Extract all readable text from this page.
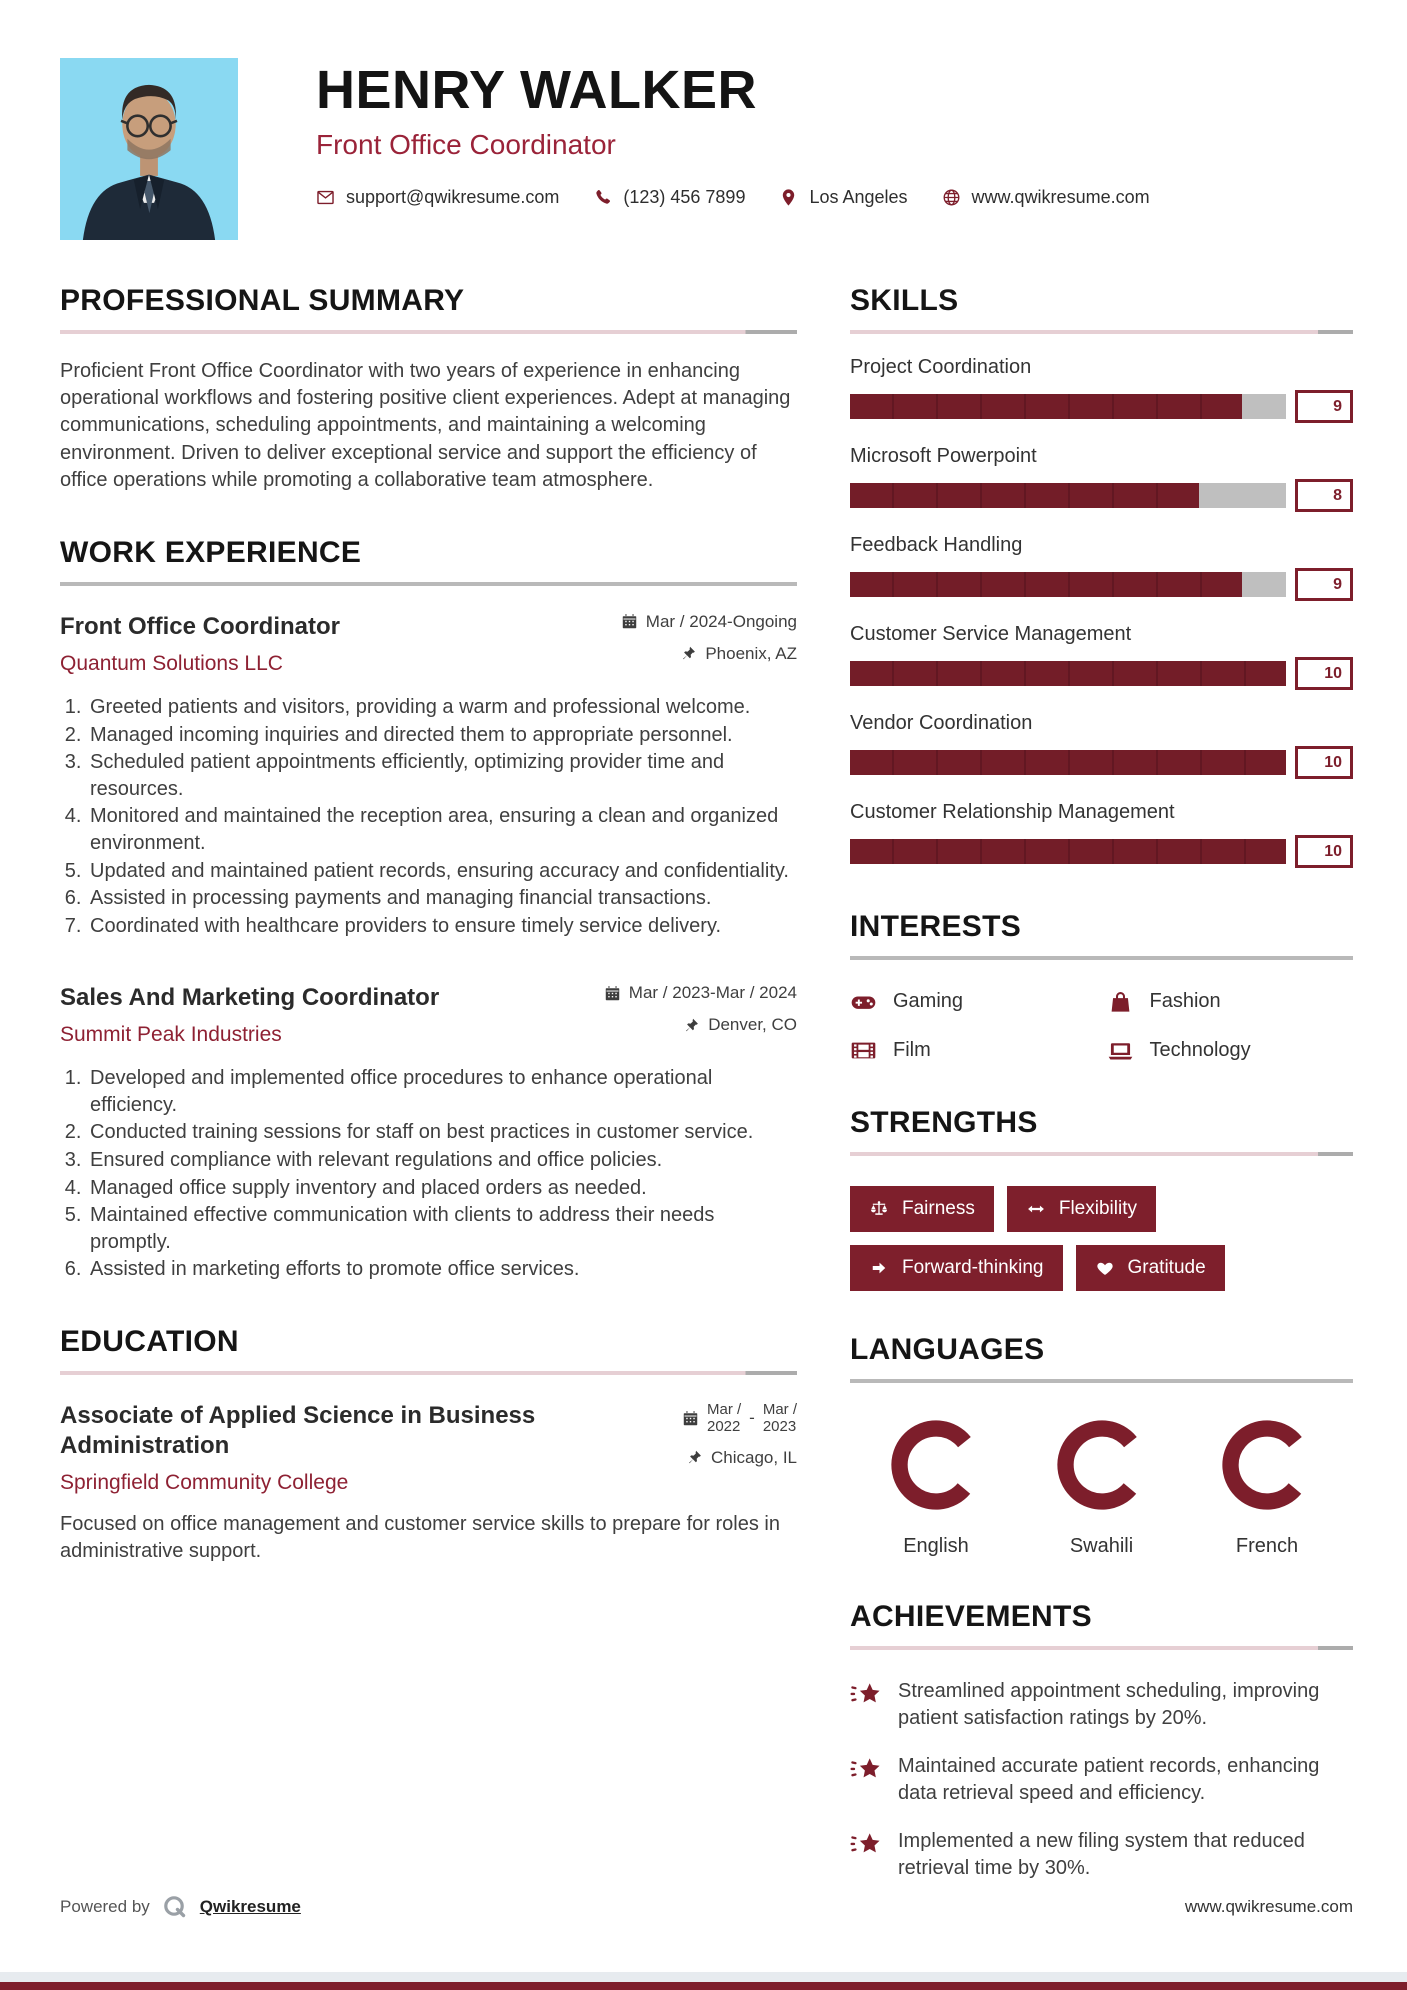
HENRY WALKER
Front Office Coordinator
support@qwikresume.com	(123) 456 7899	Los Angeles	www.qwikresume.com
PROFESSIONAL SUMMARY

Proficient Front Office Coordinator with two years of experience in enhancing operational workflows and fostering positive client experiences. Adept at managing communications, scheduling appointments, and maintaining a welcoming environment. Driven to deliver exceptional service and support the efficiency of office operations while promoting a collaborative team atmosphere.

WORK EXPERIENCE
Front Office Coordinator
Quantum Solutions LLC
Mar / 2024-Ongoing
Phoenix, AZ
1. Greeted patients and visitors, providing a warm and professional welcome.
2. Managed incoming inquiries and directed them to appropriate personnel.
3. Scheduled patient appointments efficiently, optimizing provider time and resources.
4. Monitored and maintained the reception area, ensuring a clean and organized environment.
5. Updated and maintained patient records, ensuring accuracy and confidentiality.
6. Assisted in processing payments and managing financial transactions.
7. Coordinated with healthcare providers to ensure timely service delivery.
Sales And Marketing Coordinator
Summit Peak Industries
Mar / 2023-Mar / 2024
Denver, CO
1. Developed and implemented office procedures to enhance operational efficiency.
2. Conducted training sessions for staff on best practices in customer service.
3. Ensured compliance with relevant regulations and office policies.
4. Managed office supply inventory and placed orders as needed.
5. Maintained effective communication with clients to address their needs promptly.
6. Assisted in marketing efforts to promote office services.
EDUCATION
Associate of Applied Science in Business Administration
Springfield Community College
Mar /
2022 - Mar /
2023
Chicago, IL

Focused on office management and customer service skills to prepare for roles in administrative support.

SKILLS
Project Coordination
9
Microsoft Powerpoint
8
Feedback Handling
9
Customer Service Management
10
Vendor Coordination
10
Customer Relationship Management
10
INTERESTS
Gaming	Fashion
Film	Technology
STRENGTHS
Fairness	Flexibility
Forward-thinking	Gratitude
LANGUAGES
English	Swahili	French
ACHIEVEMENTS
Streamlined appointment scheduling, improving patient satisfaction ratings by 20%.
Maintained accurate patient records, enhancing data retrieval speed and efficiency.
Implemented a new filing system that reduced retrieval time by 30%.
Powered by	Qwikresume	www.qwikresume.com
